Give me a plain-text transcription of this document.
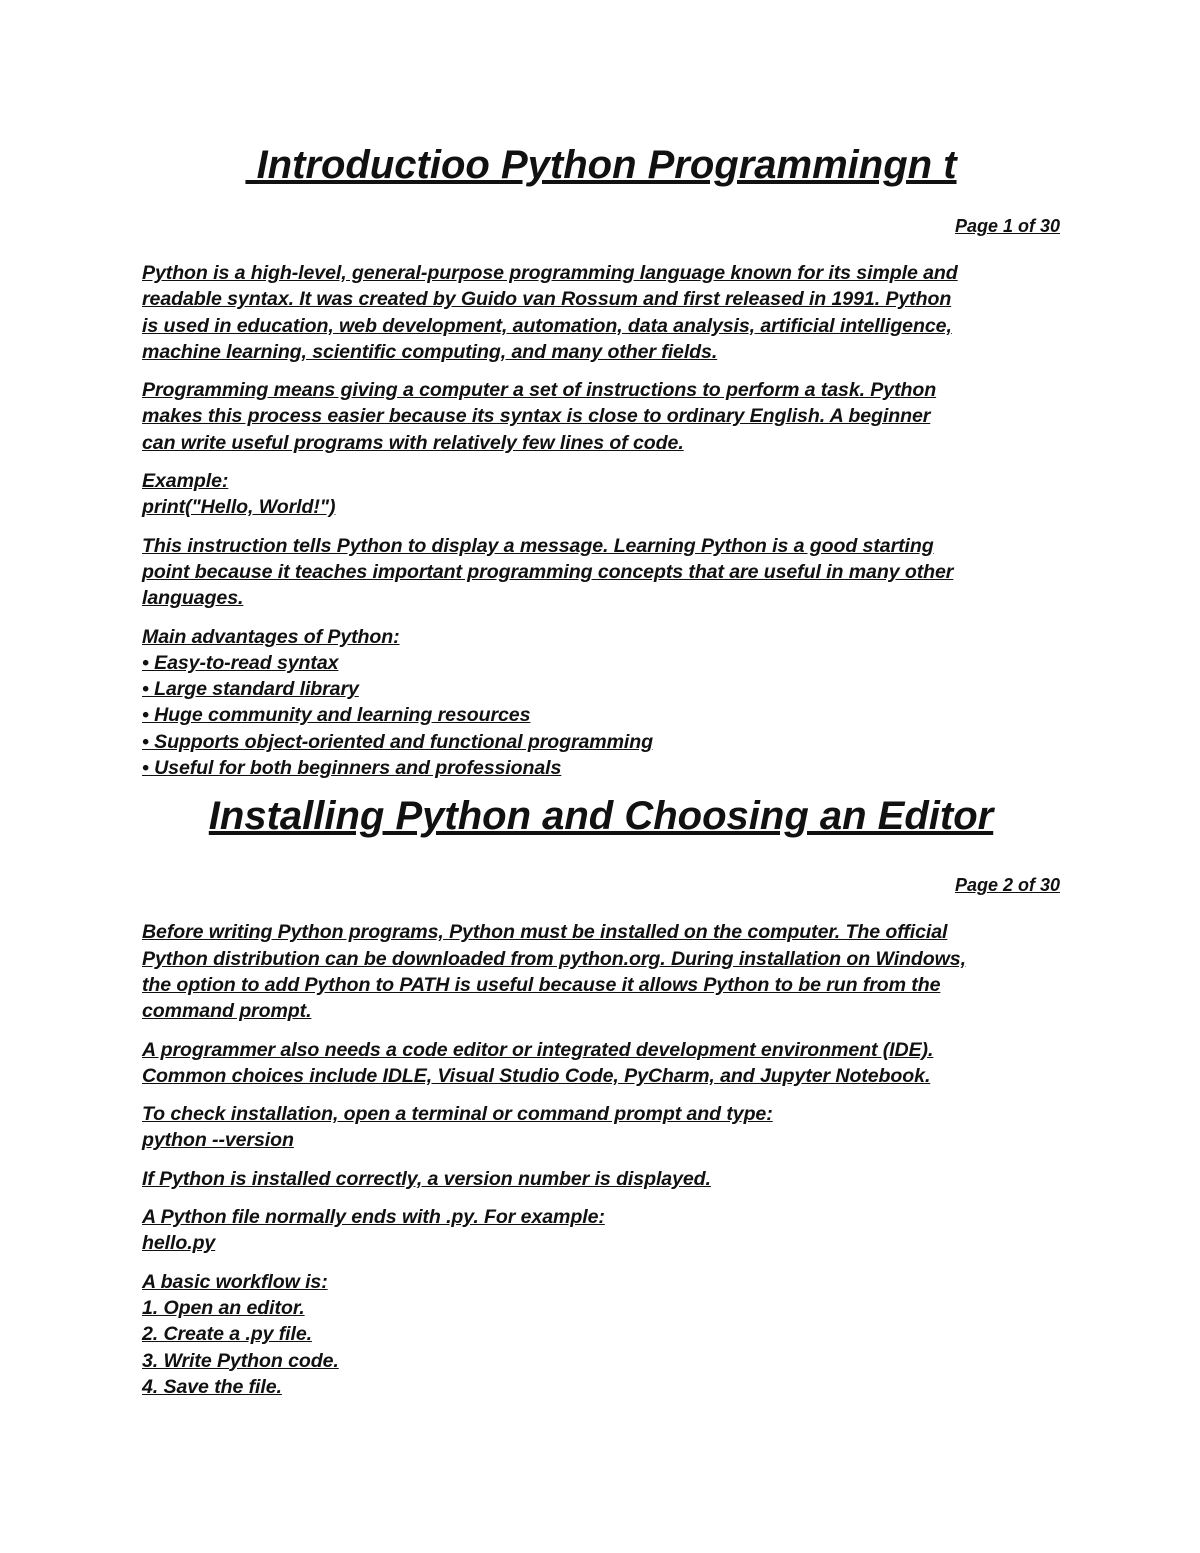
Introductioo Python Programmingn t
Page 1 of 30
Python is a high-level, general-purpose programming language known for its simple and
readable syntax. It was created by Guido van Rossum and first released in 1991. Python
is used in education, web development, automation, data analysis, artificial intelligence,
machine learning, scientific computing, and many other fields.
Programming means giving a computer a set of instructions to perform a task. Python
makes this process easier because its syntax is close to ordinary English. A beginner
can write useful programs with relatively few lines of code.
Example:
print("Hello, World!")
This instruction tells Python to display a message. Learning Python is a good starting
point because it teaches important programming concepts that are useful in many other
languages.
Main advantages of Python:
• Easy-to-read syntax
• Large standard library
• Huge community and learning resources
• Supports object-oriented and functional programming
• Useful for both beginners and professionals
Installing Python and Choosing an Editor
Page 2 of 30
Before writing Python programs, Python must be installed on the computer. The official
Python distribution can be downloaded from python.org. During installation on Windows,
the option to add Python to PATH is useful because it allows Python to be run from the
command prompt.
A programmer also needs a code editor or integrated development environment (IDE).
Common choices include IDLE, Visual Studio Code, PyCharm, and Jupyter Notebook.
To check installation, open a terminal or command prompt and type:
python --version
If Python is installed correctly, a version number is displayed.
A Python file normally ends with .py. For example:
hello.py
A basic workflow is:
1. Open an editor.
2. Create a .py file.
3. Write Python code.
4. Save the file.
